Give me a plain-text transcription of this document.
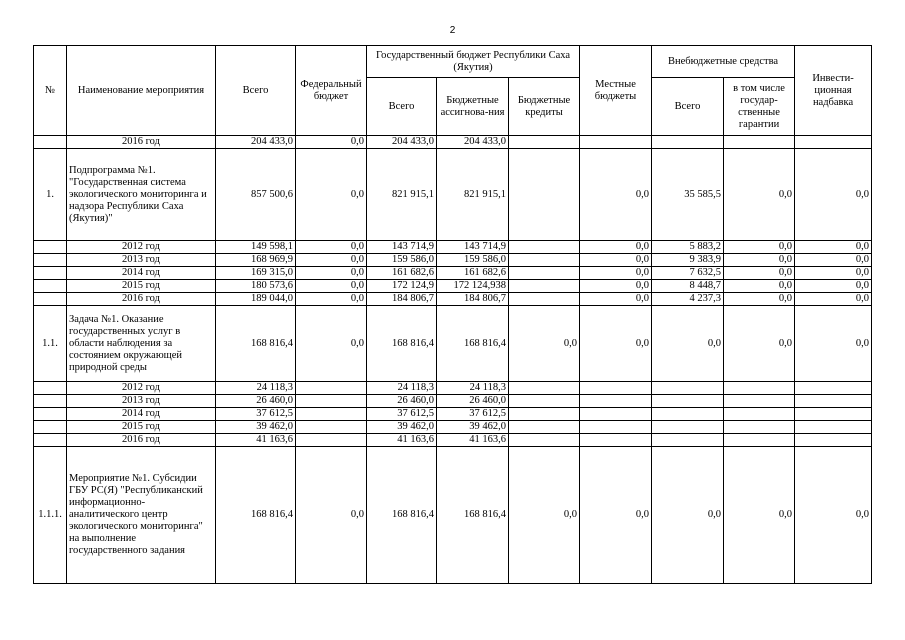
2
№	Наименование мероприятия	Всего	Федеральный бюджет	Государственный бюджет Республики Саха (Якутия)			Местные бюджеты	Внебюджетные средства		Инвести-ционная надбавка
				Всего	Бюджетные ассигнова-ния	Бюджетные кредиты		Всего	в том числе государ-ственные гарантии	
	2016 год	204 433,0	0,0	204 433,0	204 433,0					
1.	Подпрограмма №1. "Государственная система экологического мониторинга и надзора Республики Саха (Якутия)"	857 500,6	0,0	821 915,1	821 915,1		0,0	35 585,5	0,0	0,0
	2012 год	149 598,1	0,0	143 714,9	143 714,9		0,0	5 883,2	0,0	0,0
	2013 год	168 969,9	0,0	159 586,0	159 586,0		0,0	9 383,9	0,0	0,0
	2014 год	169 315,0	0,0	161 682,6	161 682,6		0,0	7 632,5	0,0	0,0
	2015 год	180 573,6	0,0	172 124,9	172 124,938		0,0	8 448,7	0,0	0,0
	2016 год	189 044,0	0,0	184 806,7	184 806,7		0,0	4 237,3	0,0	0,0
1.1.	Задача №1. Оказание государственных услуг в области наблюдения за состоянием окружающей природной среды	168 816,4	0,0	168 816,4	168 816,4	0,0	0,0	0,0	0,0	0,0
	2012 год	24 118,3		24 118,3	24 118,3					
	2013 год	26 460,0		26 460,0	26 460,0					
	2014 год	37 612,5		37 612,5	37 612,5					
	2015 год	39 462,0		39 462,0	39 462,0					
	2016 год	41 163,6		41 163,6	41 163,6					
1.1.1.	Мероприятие №1. Субсидии ГБУ РС(Я) "Республиканский информационно-аналитического центр экологического мониторинга" на выполнение государственного задания	168 816,4	0,0	168 816,4	168 816,4	0,0	0,0	0,0	0,0	0,0
